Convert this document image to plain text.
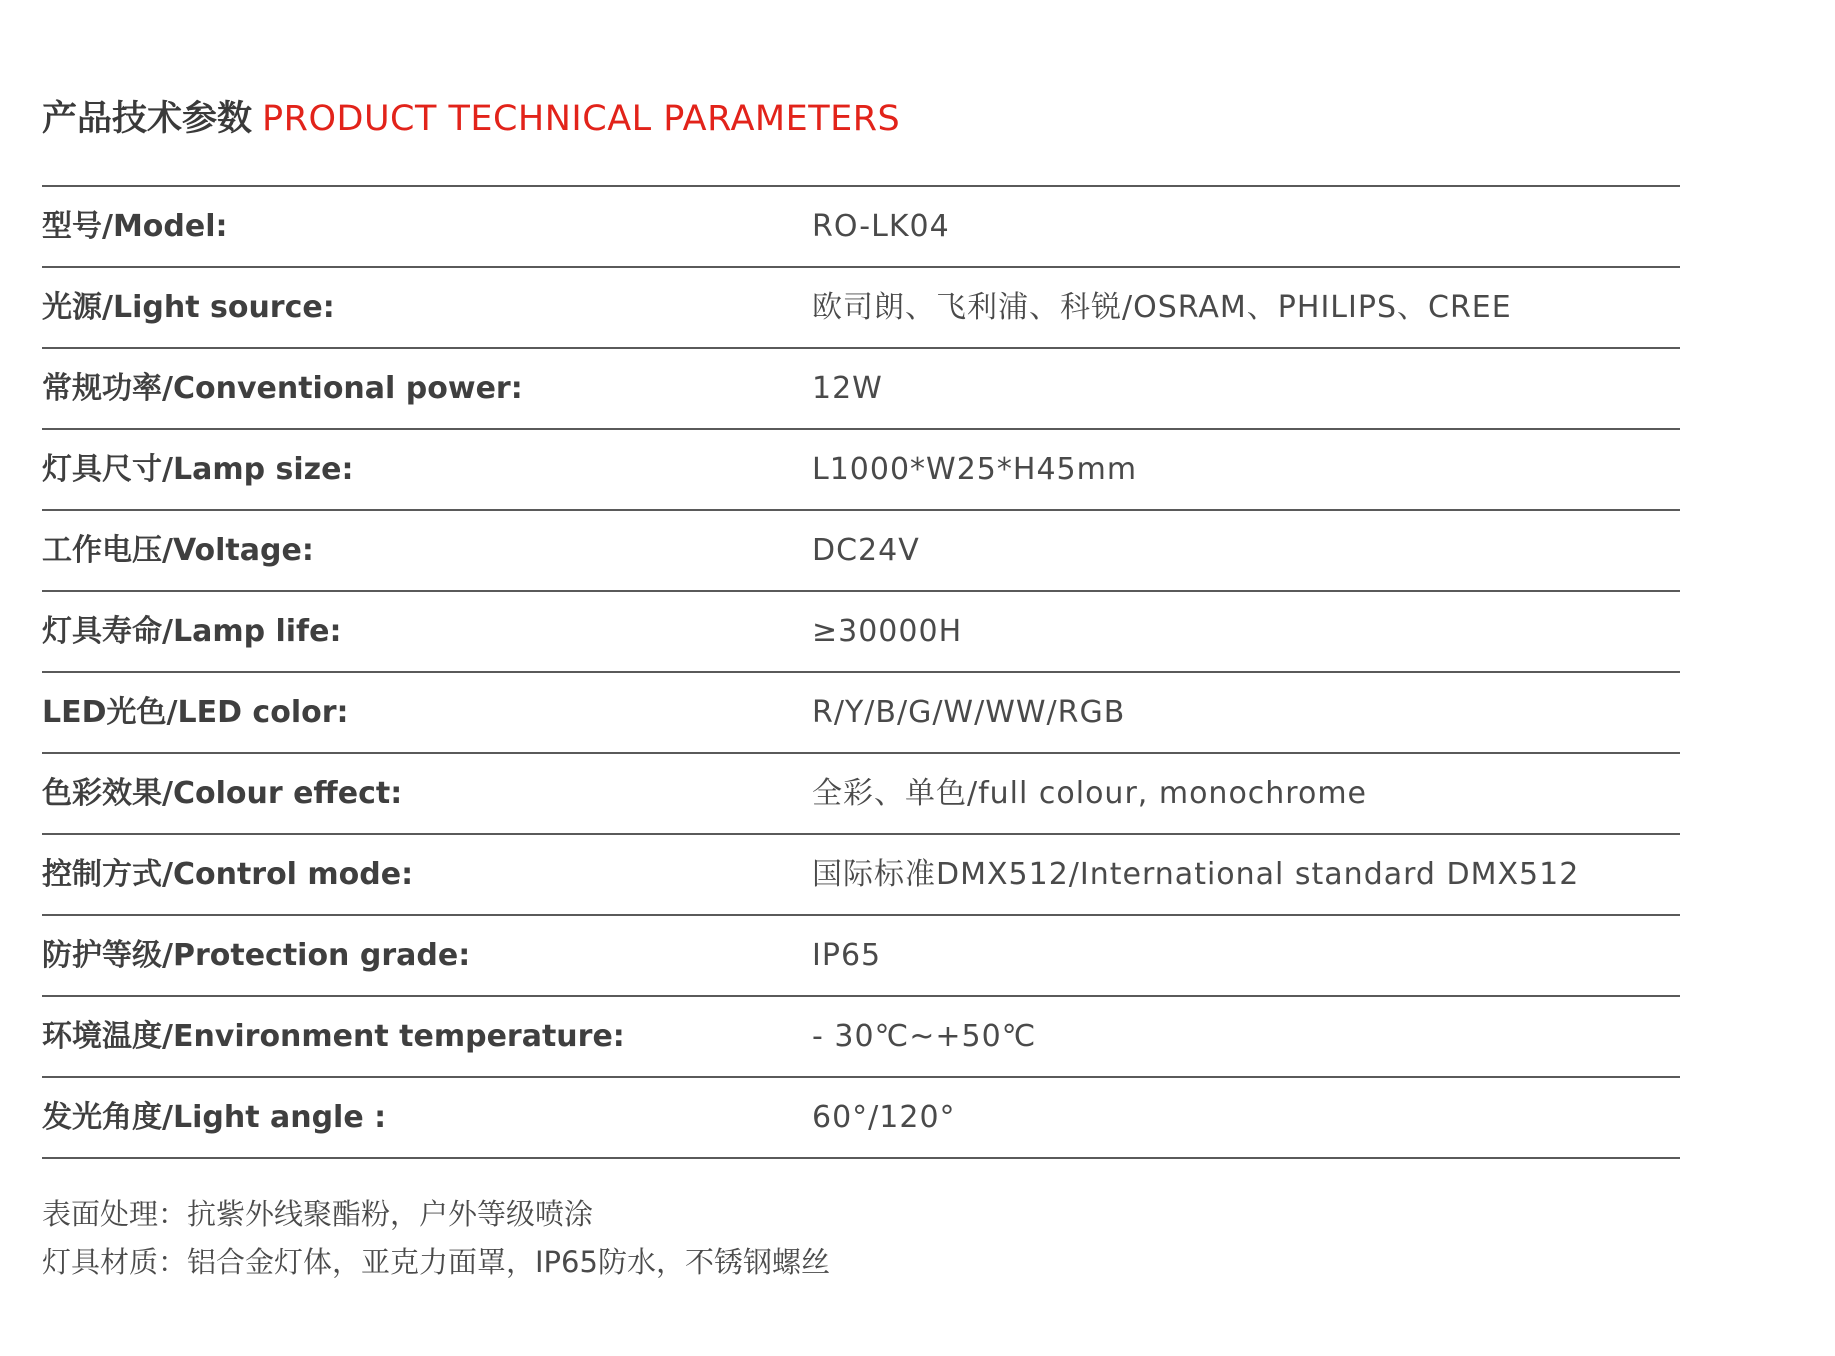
产品技术参数 PRODUCT TECHNICAL PARAMETERS
型号/Model:	RO-LK04
光源/Light source:	欧司朗、飞利浦、科锐/OSRAM、PHILIPS、CREE
常规功率/Conventional power:	12W
灯具尺寸/Lamp size:	L1000*W25*H45mm
工作电压/Voltage:	DC24V
灯具寿命/Lamp life:	≥30000H
LED光色/LED color:	R/Y/B/G/W/WW/RGB
色彩效果/Colour effect:	全彩、单色/full colour, monochrome
控制方式/Control mode:	国际标准DMX512/International standard DMX512
防护等级/Protection grade:	IP65
环境温度/Environment temperature:	- 30℃~+50℃
发光角度/Light angle :	60°/120°
表面处理：抗紫外线聚酯粉，户外等级喷涂
灯具材质：铝合金灯体，亚克力面罩，IP65防水，不锈钢螺丝
